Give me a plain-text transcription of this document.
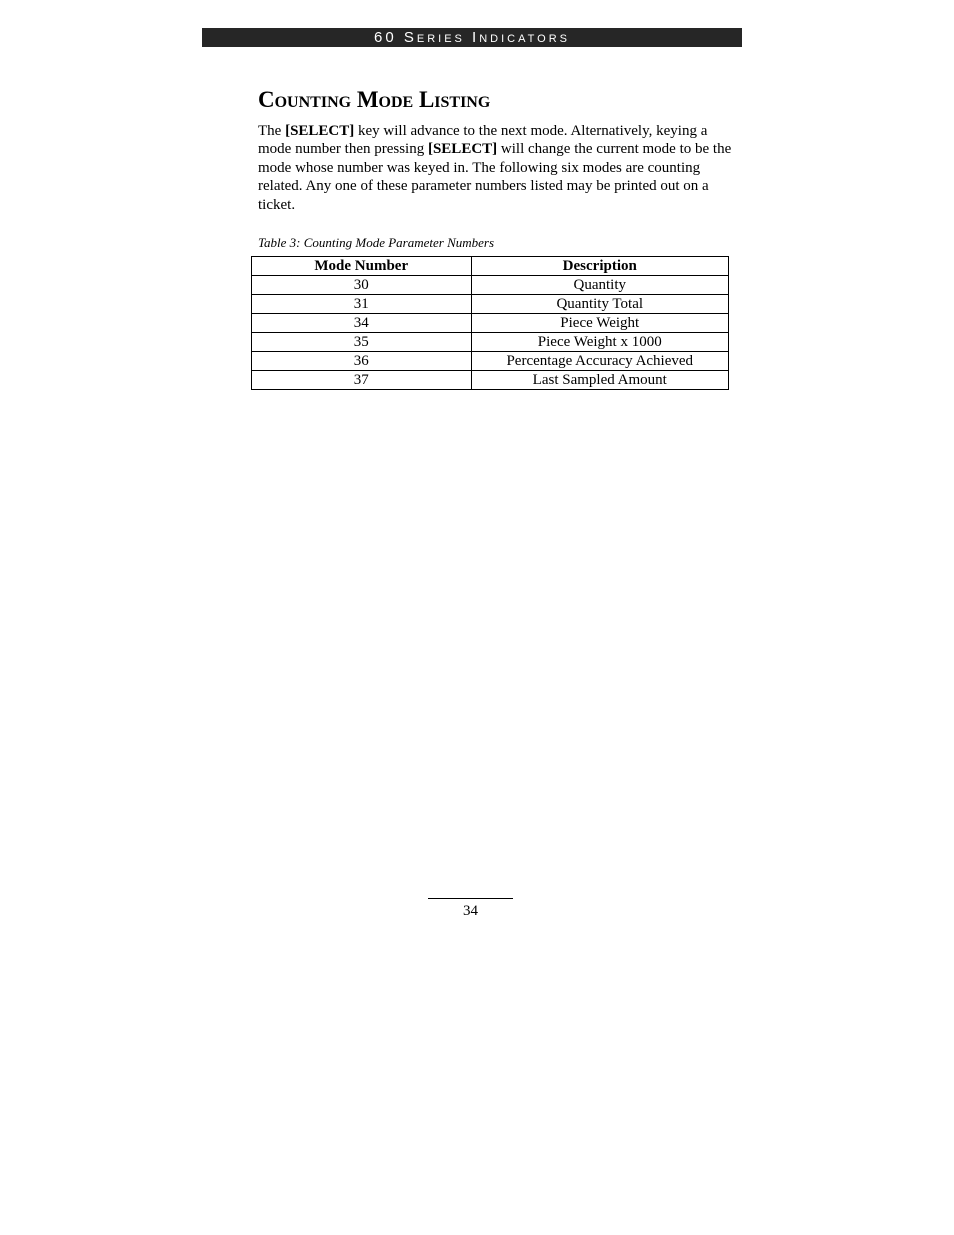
60 Series Indicators
Counting Mode Listing

The [SELECT] key will advance to the next mode. Alternatively, keying a mode number then pressing [SELECT] will change the current mode to be the mode whose number was keyed in. The following six modes are counting related. Any one of these parameter numbers listed may be printed out on a ticket.

Table 3: Counting Mode Parameter Numbers
Mode Number	Description
30	Quantity
31	Quantity Total
34	Piece Weight
35	Piece Weight x 1000
36	Percentage Accuracy Achieved
37	Last Sampled Amount
34
